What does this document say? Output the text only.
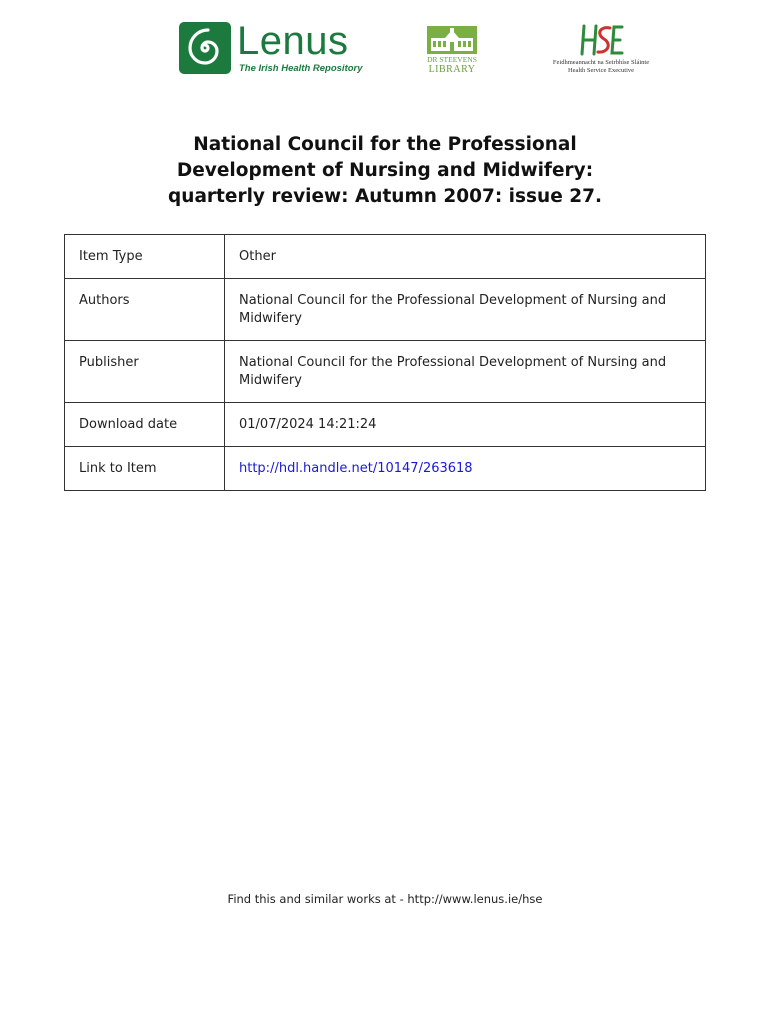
Lenus
The Irish Health Repository
DR STEEVENS
LIBRARY
Feidhmeannacht na Seirbhíse Sláinte
Health Service Executive
National Council for the Professional
Development of Nursing and Midwifery:
quarterly review: Autumn 2007: issue 27.
Item Type	Other
Authors	National Council for the Professional Development of Nursing and Midwifery
Publisher	National Council for the Professional Development of Nursing and Midwifery
Download date	01/07/2024 14:21:24
Link to Item	http://hdl.handle.net/10147/263618
Find this and similar works at - http://www.lenus.ie/hse
